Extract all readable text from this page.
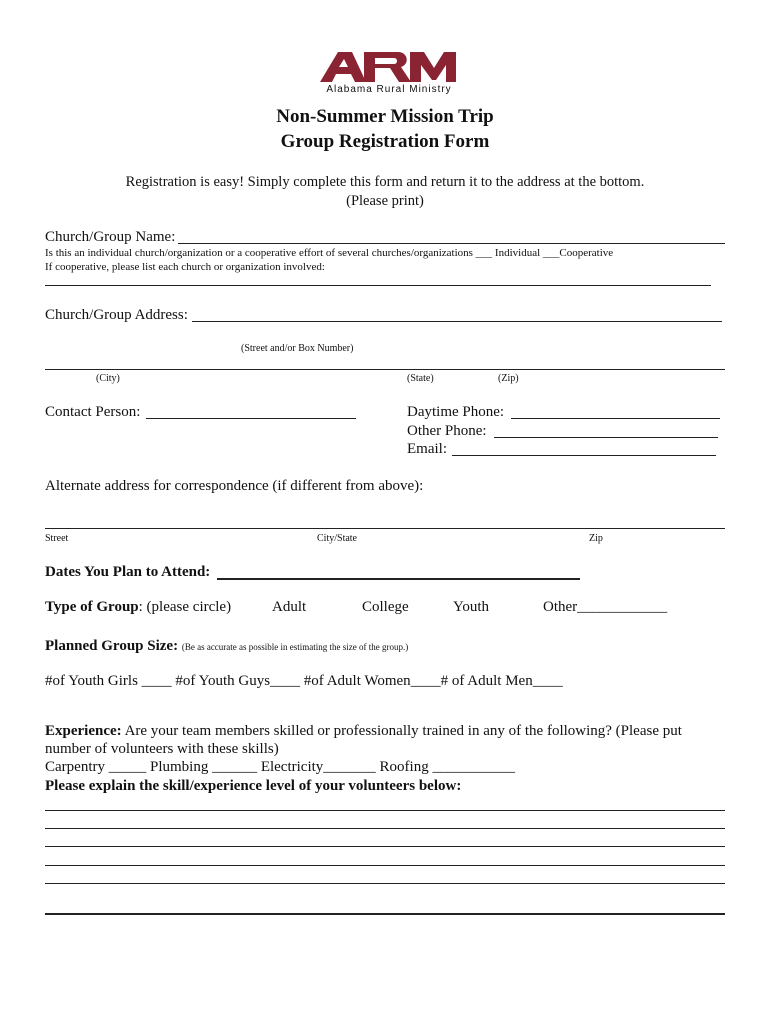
Alabama Rural Ministry
Non-Summer Mission Trip
Group Registration Form
Registration is easy! Simply complete this form and return it to the address at the bottom.
(Please print)
Church/Group Name:
Is this an individual church/organization or a cooperative effort of several churches/organizations ___ Individual ___Cooperative
If cooperative, please list each church or organization involved:
Church/Group Address:
(Street and/or Box Number)
(City)	(State)	(Zip)
Contact Person:	Daytime Phone:
Other Phone:
Email:
Alternate address for correspondence (if different from above):
Street	City/State	Zip
Dates You Plan to Attend:
Type of Group: (please circle)	Adult	College	Youth	Other____________
Planned Group Size: (Be as accurate as possible in estimating the size of the group.)
#of Youth Girls ____ #of Youth Guys____ #of Adult Women____# of Adult Men____
Experience: Are your team members skilled or professionally trained in any of the following? (Please put
number of volunteers with these skills)
Carpentry _____ Plumbing ______ Electricity_______ Roofing ___________
Please explain the skill/experience level of your volunteers below:
